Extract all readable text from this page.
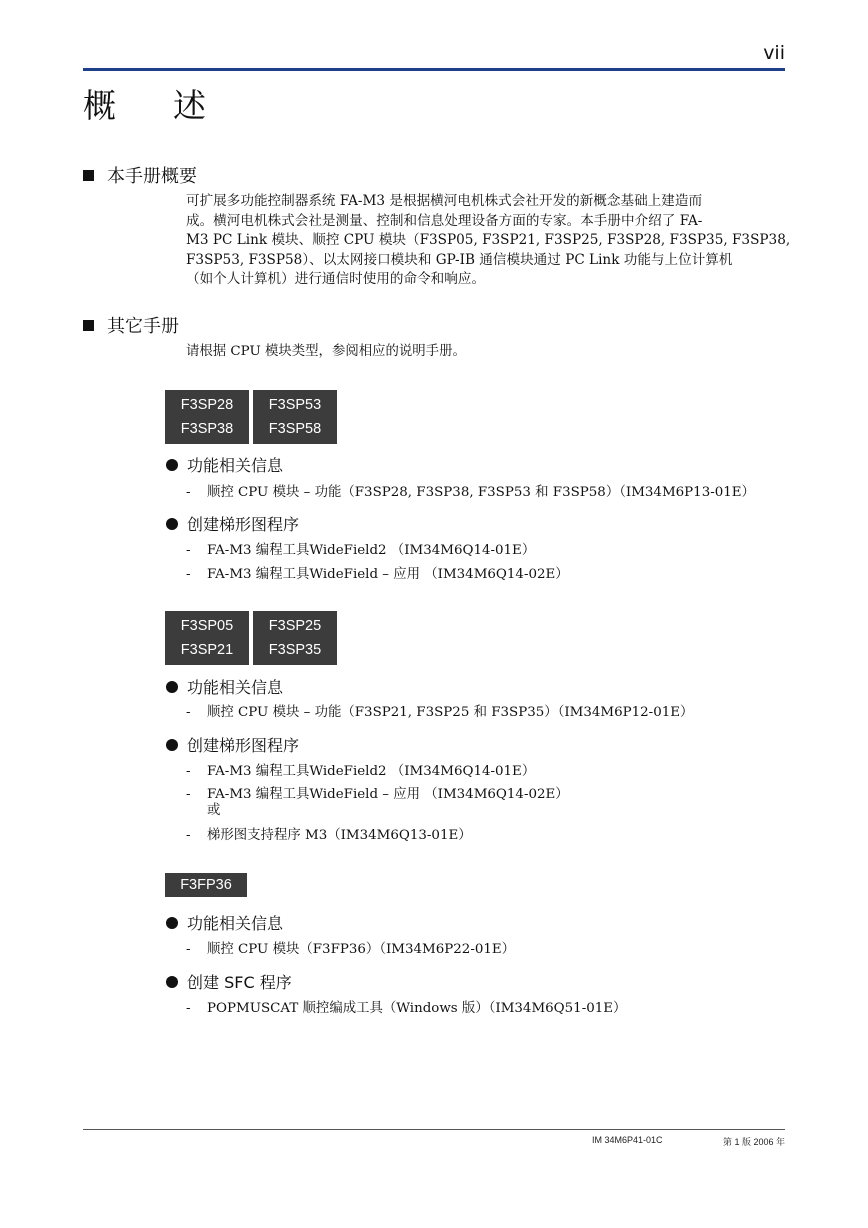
vii
概　述
本手册概要
可扩展多功能控制器系统 FA-M3 是根据横河电机株式会社开发的新概念基础上建造而
成。横河电机株式会社是测量、控制和信息处理设备方面的专家。本手册中介绍了 FA-
M3 PC Link 模块、顺控 CPU 模块（F3SP05, F3SP21, F3SP25, F3SP28, F3SP35, F3SP38,
F3SP53, F3SP58）、以太网接口模块和 GP-IB 通信模块通过 PC Link 功能与上位计算机
（如个人计算机）进行通信时使用的命令和响应。
其它手册
请根据 CPU 模块类型，参阅相应的说明手册。
F3SP28
F3SP38
F3SP53
F3SP58
功能相关信息
- 顺控 CPU 模块 – 功能（F3SP28, F3SP38, F3SP53 和 F3SP58）（IM34M6P13-01E）
创建梯形图程序
- FA-M3 编程工具WideField2 （IM34M6Q14-01E）
- FA-M3 编程工具WideField – 应用 （IM34M6Q14-02E）
F3SP05
F3SP21
F3SP25
F3SP35
功能相关信息
- 顺控 CPU 模块 – 功能（F3SP21, F3SP25 和 F3SP35）（IM34M6P12-01E）
创建梯形图程序
- FA-M3 编程工具WideField2 （IM34M6Q14-01E）
- FA-M3 编程工具WideField – 应用 （IM34M6Q14-02E）
或
- 梯形图支持程序 M3（IM34M6Q13-01E）
F3FP36
功能相关信息
- 顺控 CPU 模块（F3FP36）（IM34M6P22-01E）
创建 SFC 程序
- POPMUSCAT 顺控编成工具（Windows 版）（IM34M6Q51-01E）
IM 34M6P41-01C	第 1 版 2006 年
